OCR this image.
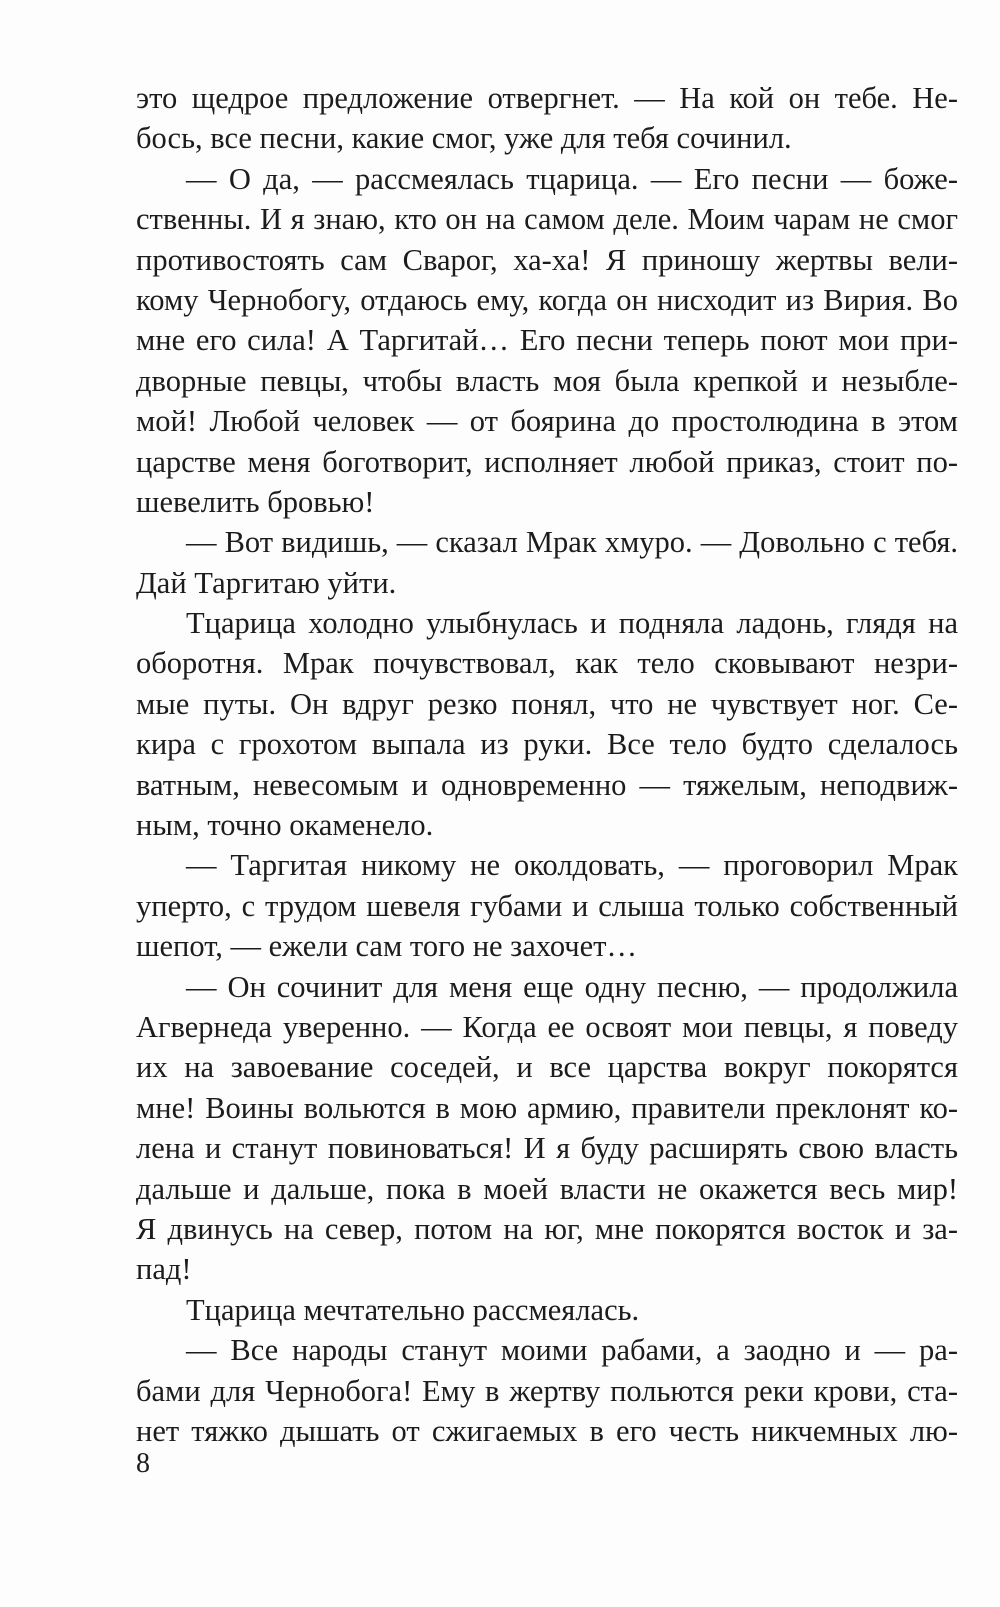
это щедрое предложение отвергнет. — На кой он тебе. Не-
бось, все песни, какие смог, уже для тебя сочинил.
— О да, — рассмеялась тцарица. — Его песни — боже-
ственны. И я знаю, кто он на самом деле. Моим чарам не смог
противостоять сам Сварог, ха-ха! Я приношу жертвы вели-
кому Чернобогу, отдаюсь ему, когда он нисходит из Вирия. Во
мне его сила! А Таргитай… Его песни теперь поют мои при-
дворные певцы, чтобы власть моя была крепкой и незыбле-
мой! Любой человек — от боярина до простолюдина в этом
царстве меня боготворит, исполняет любой приказ, стоит по-
шевелить бровью!
— Вот видишь, — сказал Мрак хмуро. — Довольно с тебя.
Дай Таргитаю уйти.
Тцарица холодно улыбнулась и подняла ладонь, глядя на
оборотня. Мрак почувствовал, как тело сковывают незри-
мые путы. Он вдруг резко понял, что не чувствует ног. Се-
кира с грохотом выпала из руки. Все тело будто сделалось
ватным, невесомым и одновременно — тяжелым, неподвиж-
ным, точно окаменело.
— Таргитая никому не околдовать, — проговорил Мрак
уперто, с трудом шевеля губами и слыша только собственный
шепот, — ежели сам того не захочет…
— Он сочинит для меня еще одну песню, — продолжила
Агвернеда уверенно. — Когда ее освоят мои певцы, я поведу
их на завоевание соседей, и все царства вокруг покорятся
мне! Воины вольются в мою армию, правители преклонят ко-
лена и станут повиноваться! И я буду расширять свою власть
дальше и дальше, пока в моей власти не окажется весь мир!
Я двинусь на север, потом на юг, мне покорятся восток и за-
пад!
Тцарица мечтательно рассмеялась.
— Все народы станут моими рабами, а заодно и — ра-
бами для Чернобога! Ему в жертву польются реки крови, ста-
нет тяжко дышать от сжигаемых в его честь никчемных лю-
8
